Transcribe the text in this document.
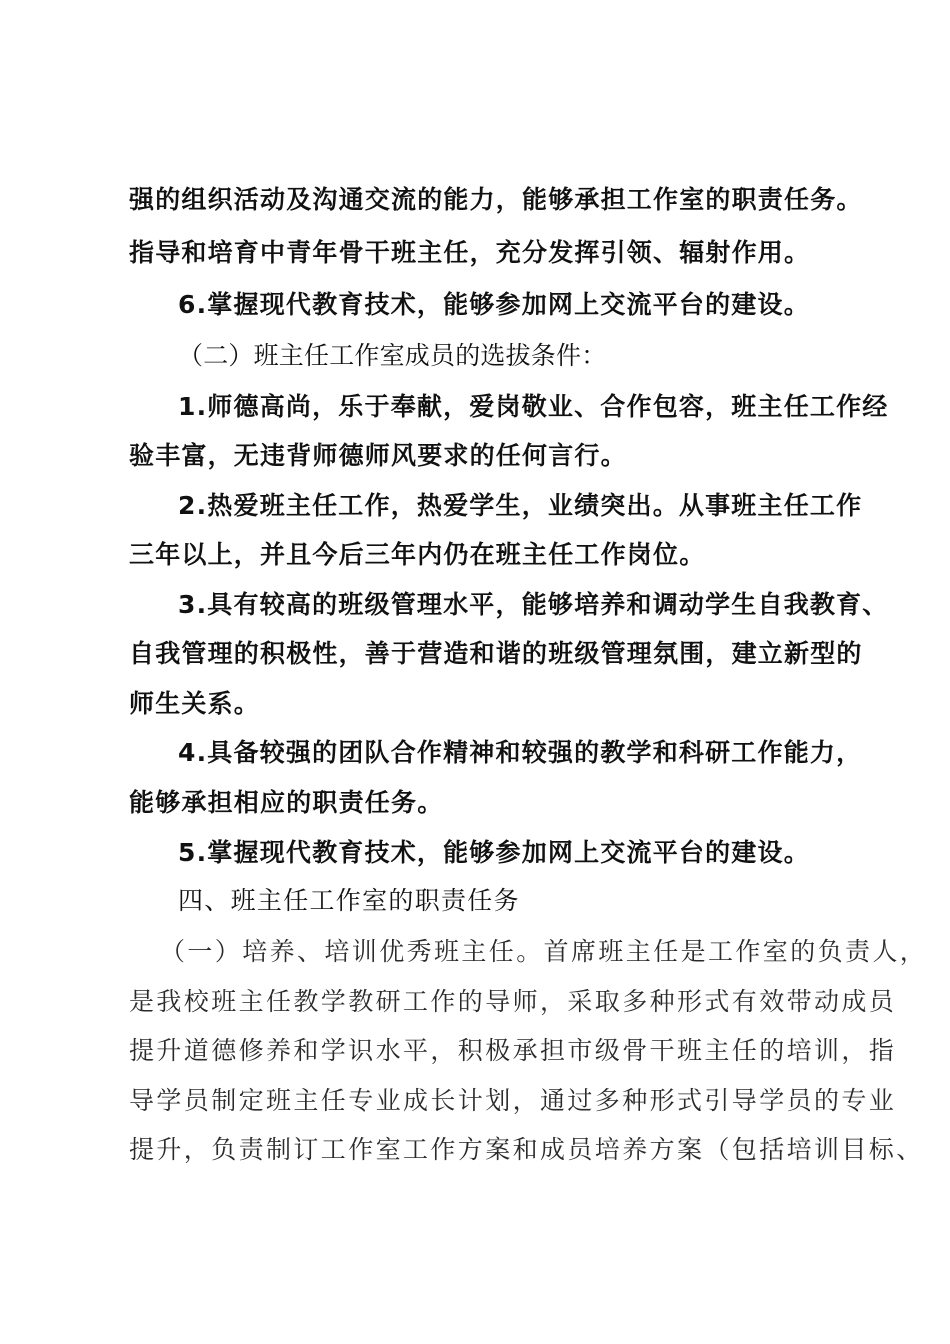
强的组织活动及沟通交流的能力，能够承担工作室的职责任务。
指导和培育中青年骨干班主任，充分发挥引领、辐射作用。
6.掌握现代教育技术，能够参加网上交流平台的建设。
（二）班主任工作室成员的选拔条件：
1.师德高尚，乐于奉献，爱岗敬业、合作包容，班主任工作经
验丰富，无违背师德师风要求的任何言行。
2.热爱班主任工作，热爱学生，业绩突出。从事班主任工作
三年以上，并且今后三年内仍在班主任工作岗位。
3.具有较高的班级管理水平，能够培养和调动学生自我教育、
自我管理的积极性，善于营造和谐的班级管理氛围，建立新型的
师生关系。
4.具备较强的团队合作精神和较强的教学和科研工作能力，
能够承担相应的职责任务。
5.掌握现代教育技术，能够参加网上交流平台的建设。
四、班主任工作室的职责任务
（一）培养、培训优秀班主任。首席班主任是工作室的负责人，
是我校班主任教学教研工作的导师，采取多种形式有效带动成员
提升道德修养和学识水平，积极承担市级骨干班主任的培训，指
导学员制定班主任专业成长计划，通过多种形式引导学员的专业
提升，负责制订工作室工作方案和成员培养方案（包括培训目标、
